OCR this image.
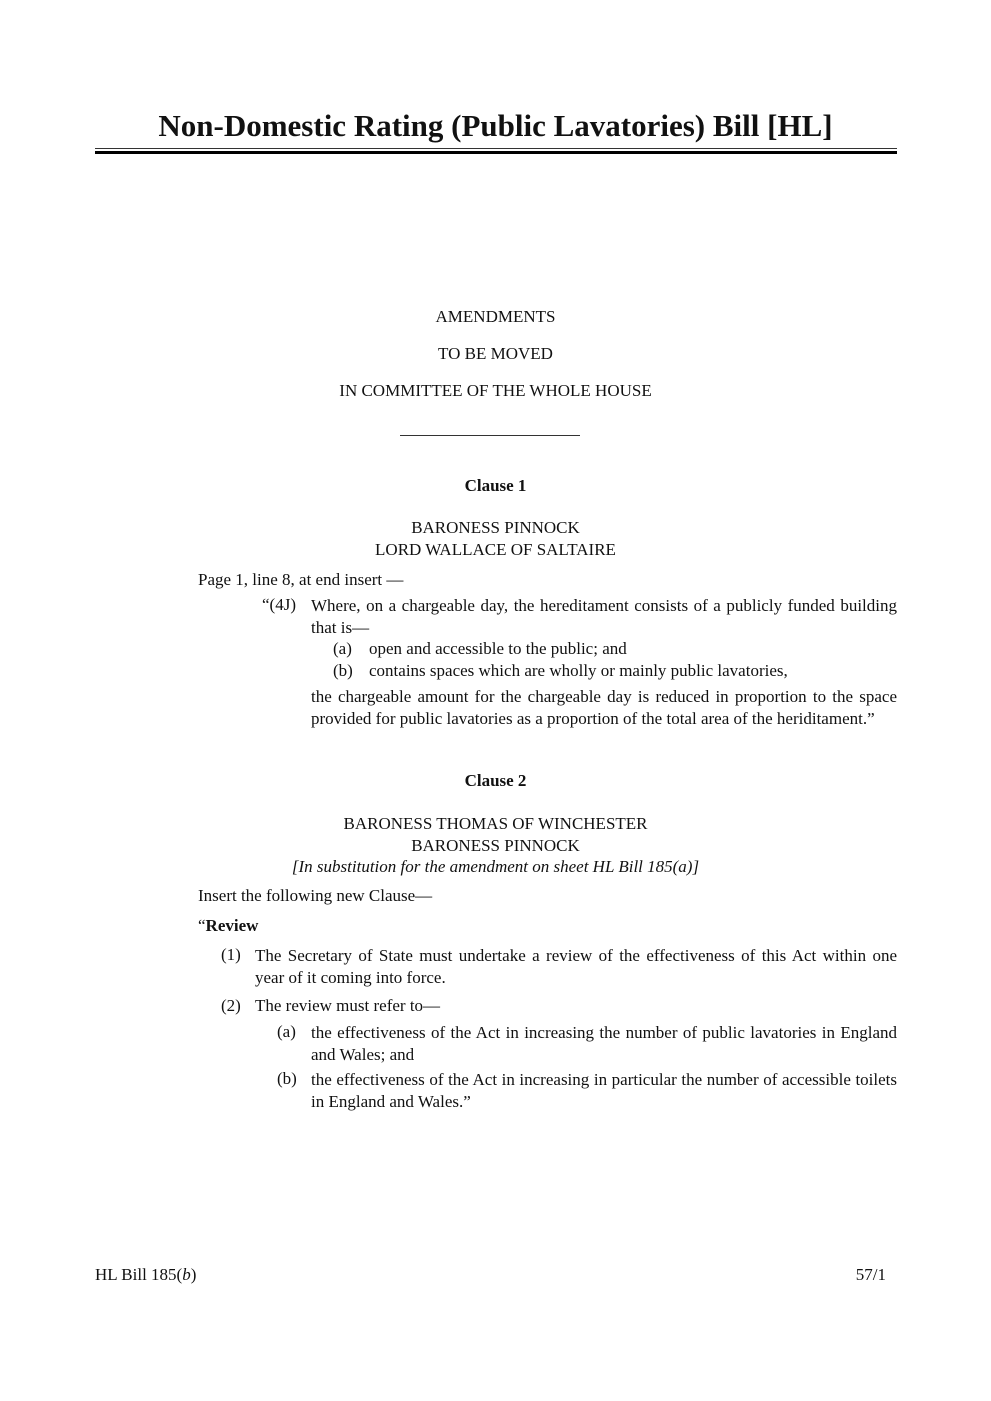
Non-Domestic Rating (Public Lavatories) Bill [HL]
AMENDMENTS
TO BE MOVED
IN COMMITTEE OF THE WHOLE HOUSE
Clause 1
BARONESS PINNOCK
LORD WALLACE OF SALTAIRE
Page 1, line 8, at end insert —
“(4J) Where, on a chargeable day, the hereditament consists of a publicly funded building that is—
(a) open and accessible to the public; and
(b) contains spaces which are wholly or mainly public lavatories,
the chargeable amount for the chargeable day is reduced in proportion to the space provided for public lavatories as a proportion of the total area of the heriditament.”
Clause 2
BARONESS THOMAS OF WINCHESTER
BARONESS PINNOCK
[In substitution for the amendment on sheet HL Bill 185(a)]
Insert the following new Clause—
“Review
(1) The Secretary of State must undertake a review of the effectiveness of this Act within one year of it coming into force.
(2) The review must refer to—
(a) the effectiveness of the Act in increasing the number of public lavatories in England and Wales; and
(b) the effectiveness of the Act in increasing in particular the number of accessible toilets in England and Wales.”
HL Bill 185(b)	57/1
